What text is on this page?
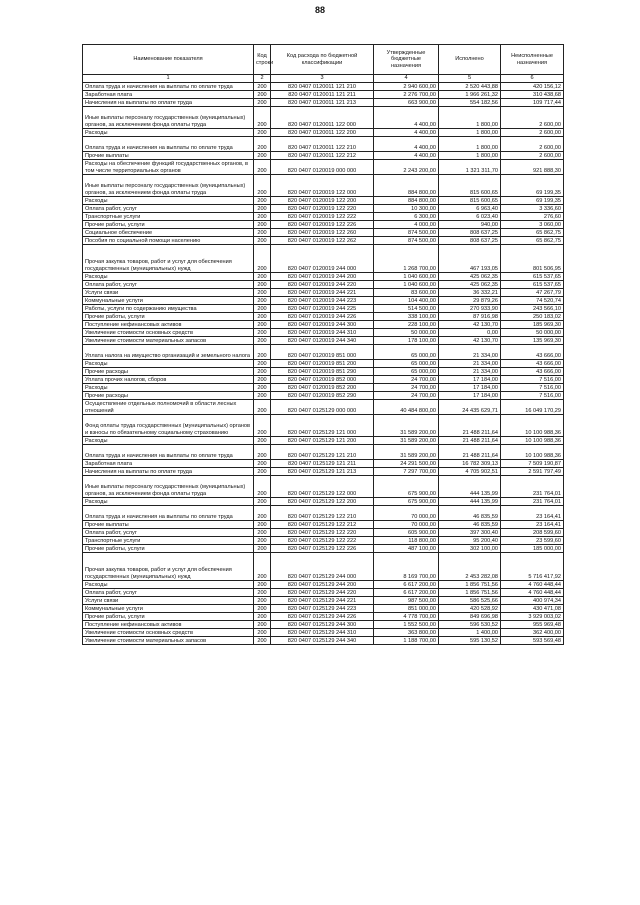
88
Наименование показателя	Код строки	Код расхода по бюджетной классификации	Утвержденные бюджетные назначения	Исполнено	Неисполненные назначения
1	2	3	4	5	6
Оплата труда и начисления на выплаты по оплате труда	200	820 0407 0120011 121 210	2 940 600,00	2 520 443,88	420 156,12
Заработная плата	200	820 0407 0120011 121 211	2 276 700,00	1 966 261,32	310 438,68
Начисления на выплаты по оплате труда	200	820 0407 0120011 121 213	663 900,00	554 182,56	109 717,44
Иные выплаты персоналу государственных (муниципальных) органов, за исключением фонда оплаты труда	200	820 0407 0120011 122 000	4 400,00	1 800,00	2 600,00
Расходы	200	820 0407 0120011 122 200	4 400,00	1 800,00	2 600,00
Оплата труда и начисления на выплаты по оплате труда	200	820 0407 0120011 122 210	4 400,00	1 800,00	2 600,00
Прочие выплаты	200	820 0407 0120011 122 212	4 400,00	1 800,00	2 600,00
Расходы на обеспечение функций государственных органов, в том числе территориальных органов	200	820 0407 0120019 000 000	2 243 200,00	1 321 311,70	921 888,30
Иные выплаты персоналу государственных (муниципальных) органов, за исключением фонда оплаты труда	200	820 0407 0120019 122 000	884 800,00	815 600,65	69 199,35
Расходы	200	820 0407 0120019 122 200	884 800,00	815 600,65	69 199,35
Оплата работ, услуг	200	820 0407 0120019 122 220	10 300,00	6 963,40	3 336,60
Транспортные услуги	200	820 0407 0120019 122 222	6 300,00	6 023,40	276,60
Прочие работы, услуги	200	820 0407 0120019 122 226	4 000,00	940,00	3 060,00
Социальное обеспечение	200	820 0407 0120019 122 260	874 500,00	808 637,25	65 862,75
Пособия по социальной помощи населению	200	820 0407 0120019 122 262	874 500,00	808 637,25	65 862,75
Прочая закупка товаров, работ и услуг для обеспечения государственных (муниципальных) нужд	200	820 0407 0120019 244 000	1 268 700,00	467 193,05	801 506,95
Расходы	200	820 0407 0120019 244 200	1 040 600,00	425 062,35	615 537,65
Оплата работ, услуг	200	820 0407 0120019 244 220	1 040 600,00	425 062,35	615 537,65
Услуги связи	200	820 0407 0120019 244 221	83 600,00	36 332,21	47 267,79
Коммунальные услуги	200	820 0407 0120019 244 223	104 400,00	29 879,26	74 520,74
Работы, услуги по содержанию имущества	200	820 0407 0120019 244 225	514 500,00	270 933,90	243 566,10
Прочие работы, услуги	200	820 0407 0120019 244 226	338 100,00	87 916,98	250 183,02
Поступление нефинансовых активов	200	820 0407 0120019 244 300	228 100,00	42 130,70	185 969,30
Увеличение стоимости основных средств	200	820 0407 0120019 244 310	50 000,00	0,00	50 000,00
Увеличение стоимости материальных запасов	200	820 0407 0120019 244 340	178 100,00	42 130,70	135 969,30
Уплата налога на имущество организаций и земельного налога	200	820 0407 0120019 851 000	65 000,00	21 334,00	43 666,00
Расходы	200	820 0407 0120019 851 200	65 000,00	21 334,00	43 666,00
Прочие расходы	200	820 0407 0120019 851 290	65 000,00	21 334,00	43 666,00
Уплата прочих налогов, сборов	200	820 0407 0120019 852 000	24 700,00	17 184,00	7 516,00
Расходы	200	820 0407 0120019 852 200	24 700,00	17 184,00	7 516,00
Прочие расходы	200	820 0407 0120019 852 290	24 700,00	17 184,00	7 516,00
Осуществление отдельных полномочий в области лесных отношений	200	820 0407 0125129 000 000	40 484 800,00	24 435 629,71	16 049 170,29
Фонд оплаты труда государственных (муниципальных) органов и взносы по обязательному социальному страхованию	200	820 0407 0125129 121 000	31 589 200,00	21 488 211,64	10 100 988,36
Расходы	200	820 0407 0125129 121 200	31 589 200,00	21 488 211,64	10 100 988,36
Оплата труда и начисления на выплаты по оплате труда	200	820 0407 0125129 121 210	31 589 200,00	21 488 211,64	10 100 988,36
Заработная плата	200	820 0407 0125129 121 211	24 291 500,00	16 782 309,13	7 509 190,87
Начисления на выплаты по оплате труда	200	820 0407 0125129 121 213	7 297 700,00	4 705 902,51	2 591 797,49
Иные выплаты персоналу государственных (муниципальных) органов, за исключением фонда оплаты труда	200	820 0407 0125129 122 000	675 900,00	444 135,99	231 764,01
Расходы	200	820 0407 0125129 122 200	675 900,00	444 135,99	231 764,01
Оплата труда и начисления на выплаты по оплате труда	200	820 0407 0125129 122 210	70 000,00	46 835,59	23 164,41
Прочие выплаты	200	820 0407 0125129 122 212	70 000,00	46 835,59	23 164,41
Оплата работ, услуг	200	820 0407 0125129 122 220	605 900,00	397 300,40	208 599,60
Транспортные услуги	200	820 0407 0125129 122 222	118 800,00	95 200,40	23 599,60
Прочие работы, услуги	200	820 0407 0125129 122 226	487 100,00	302 100,00	185 000,00
Прочая закупка товаров, работ и услуг для обеспечения государственных (муниципальных) нужд	200	820 0407 0125129 244 000	8 169 700,00	2 453 282,08	5 716 417,92
Расходы	200	820 0407 0125129 244 200	6 617 200,00	1 856 751,56	4 760 448,44
Оплата работ, услуг	200	820 0407 0125129 244 220	6 617 200,00	1 856 751,56	4 760 448,44
Услуги связи	200	820 0407 0125129 244 221	987 500,00	586 525,66	400 974,34
Коммунальные услуги	200	820 0407 0125129 244 223	851 000,00	420 528,92	430 471,08
Прочие работы, услуги	200	820 0407 0125129 244 226	4 778 700,00	849 696,98	3 929 003,02
Поступление нефинансовых активов	200	820 0407 0125129 244 300	1 552 500,00	596 530,52	955 969,48
Увеличение стоимости основных средств	200	820 0407 0125129 244 310	363 800,00	1 400,00	362 400,00
Увеличение стоимости материальных запасов	200	820 0407 0125129 244 340	1 188 700,00	595 130,52	593 569,48
